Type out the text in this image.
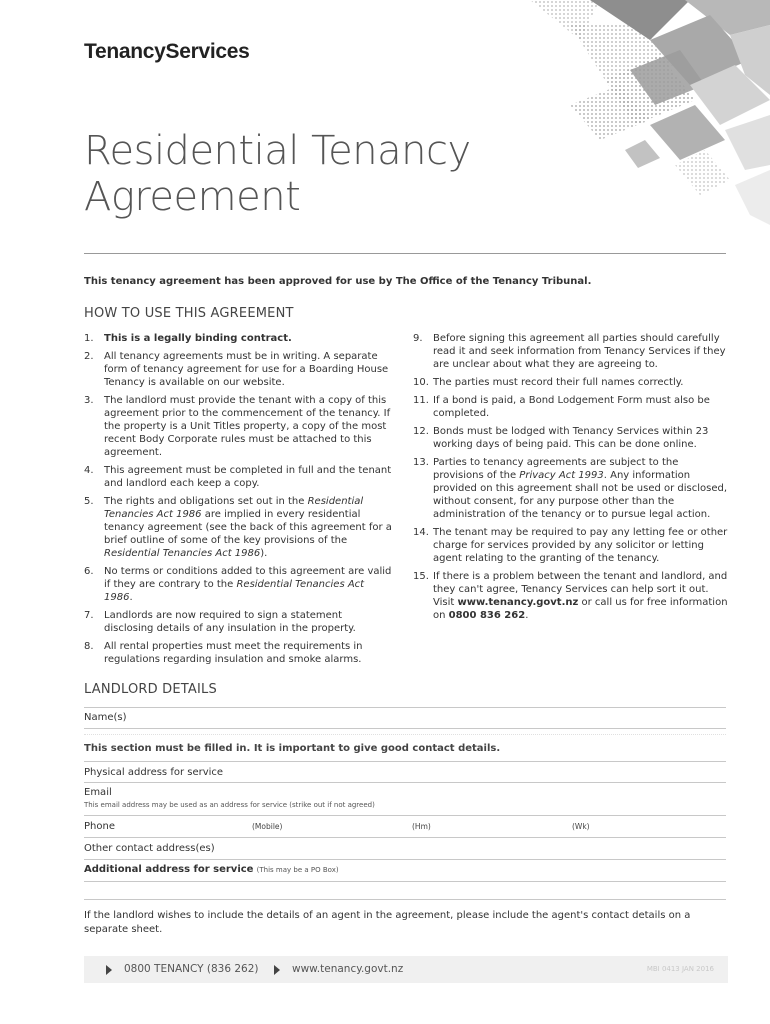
TenancyServices
Residential Tenancy
Agreement
This tenancy agreement has been approved for use by The Office of the Tenancy Tribunal.
HOW TO USE THIS AGREEMENT
1.	This is a legally binding contract.
2.	All tenancy agreements must be in writing. A separate form of tenancy agreement for use for a Boarding House Tenancy is available on our website.
3.	The landlord must provide the tenant with a copy of this agreement prior to the commencement of the tenancy. If the property is a Unit Titles property, a copy of the most recent Body Corporate rules must be attached to this agreement.
4.	This agreement must be completed in full and the tenant and landlord each keep a copy.
5.	The rights and obligations set out in the Residential Tenancies Act 1986 are implied in every residential tenancy agreement (see the back of this agreement for a brief outline of some of the key provisions of the Residential Tenancies Act 1986).
6.	No terms or conditions added to this agreement are valid if they are contrary to the Residential Tenancies Act 1986.
7.	Landlords are now required to sign a statement disclosing details of any insulation in the property.
8.	All rental properties must meet the requirements in regulations regarding insulation and smoke alarms.
9.	Before signing this agreement all parties should carefully read it and seek information from Tenancy Services if they are unclear about what they are agreeing to.
10. The parties must record their full names correctly.
11. If a bond is paid, a Bond Lodgement Form must also be completed.
12. Bonds must be lodged with Tenancy Services within 23 working days of being paid. This can be done online.
13. Parties to tenancy agreements are subject to the provisions of the Privacy Act 1993. Any information provided on this agreement shall not be used or disclosed, without consent, for any purpose other than the administration of the tenancy or to pursue legal action.
14. The tenant may be required to pay any letting fee or other charge for services provided by any solicitor or letting agent relating to the granting of the tenancy.
15. If there is a problem between the tenant and landlord, and they can't agree, Tenancy Services can help sort it out. Visit www.tenancy.govt.nz or call us for free information on 0800 836 262.
LANDLORD DETAILS
Name(s)
This section must be filled in. It is important to give good contact details.
Physical address for service
Email
This email address may be used as an address for service (strike out if not agreed)
Phone	(Mobile)	(Hm)	(Wk)
Other contact address(es)
Additional address for service (This may be a PO Box)
If the landlord wishes to include the details of an agent in the agreement, please include the agent's contact details on a separate sheet.
0800 TENANCY (836 262)	www.tenancy.govt.nz	MBI 0413 JAN 2016
